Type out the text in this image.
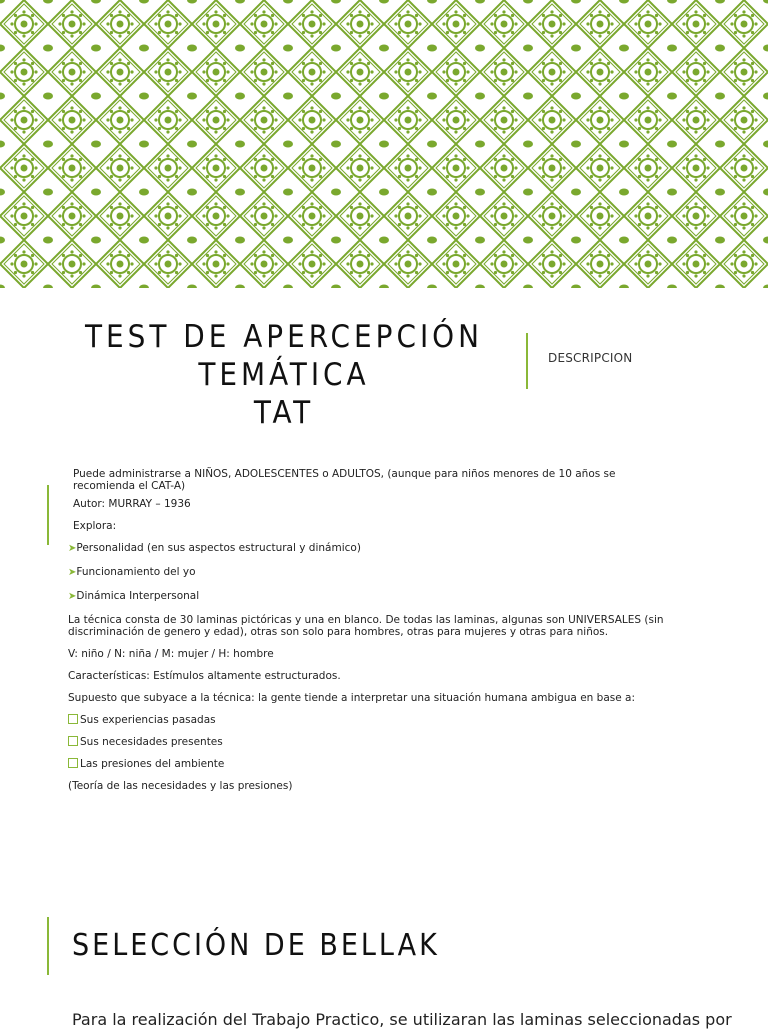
TEST DE APERCEPCIÓN TEMÁTICA
TAT
DESCRIPCION

Puede administrarse a NIÑOS, ADOLESCENTES o ADULTOS, (aunque para niños menores de 10 años se recomienda el CAT-A)

Autor: MURRAY – 1936

Explora:

➤Personalidad (en sus aspectos estructural y dinámico)

➤Funcionamiento del yo

➤Dinámica Interpersonal

La técnica consta de 30 laminas pictóricas y una en blanco. De todas las laminas, algunas son UNIVERSALES (sin discriminación de genero y edad), otras son solo para hombres, otras para mujeres y otras para niños.

V: niño / N: niña / M: mujer / H: hombre

Características: Estímulos altamente estructurados.

Supuesto que subyace a la técnica: la gente tiende a interpretar una situación humana ambigua en base a:

Sus experiencias pasadas

Sus necesidades presentes

Las presiones del ambiente

(Teoría de las necesidades y las presiones)

SELECCIÓN DE BELLAK
Para la realización del Trabajo Practico, se utilizaran las laminas seleccionadas por
